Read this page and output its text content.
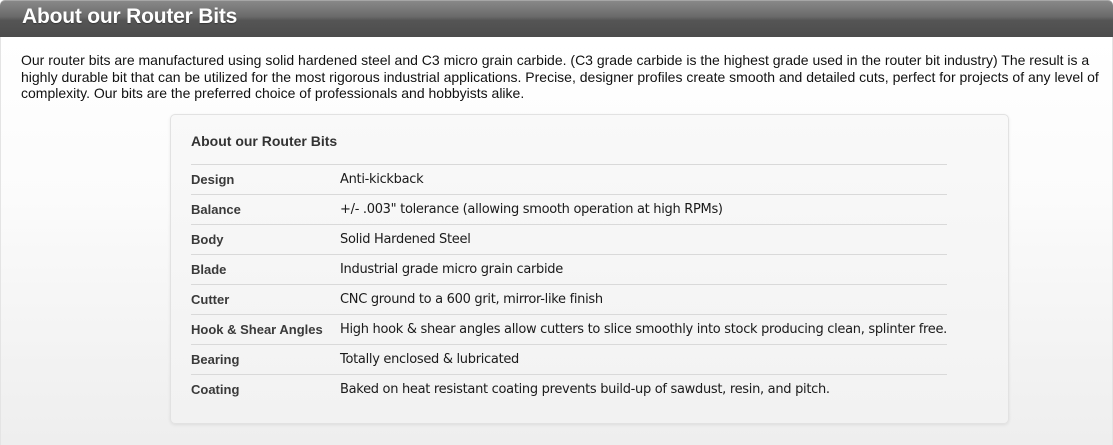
About our Router Bits

Our router bits are manufactured using solid hardened steel and C3 micro grain carbide. (C3 grade carbide is the highest grade used in the router bit industry) The result is a highly durable bit that can be utilized for the most rigorous industrial applications. Precise, designer profiles create smooth and detailed cuts, perfect for projects of any level of complexity. Our bits are the preferred choice of professionals and hobbyists alike.

About our Router Bits
Design	Anti-kickback
Balance	+/- .003" tolerance (allowing smooth operation at high RPMs)
Body	Solid Hardened Steel
Blade	Industrial grade micro grain carbide
Cutter	CNC ground to a 600 grit, mirror-like finish
Hook & Shear Angles	High hook & shear angles allow cutters to slice smoothly into stock producing clean, splinter free.
Bearing	Totally enclosed & lubricated
Coating	Baked on heat resistant coating prevents build-up of sawdust, resin, and pitch.
